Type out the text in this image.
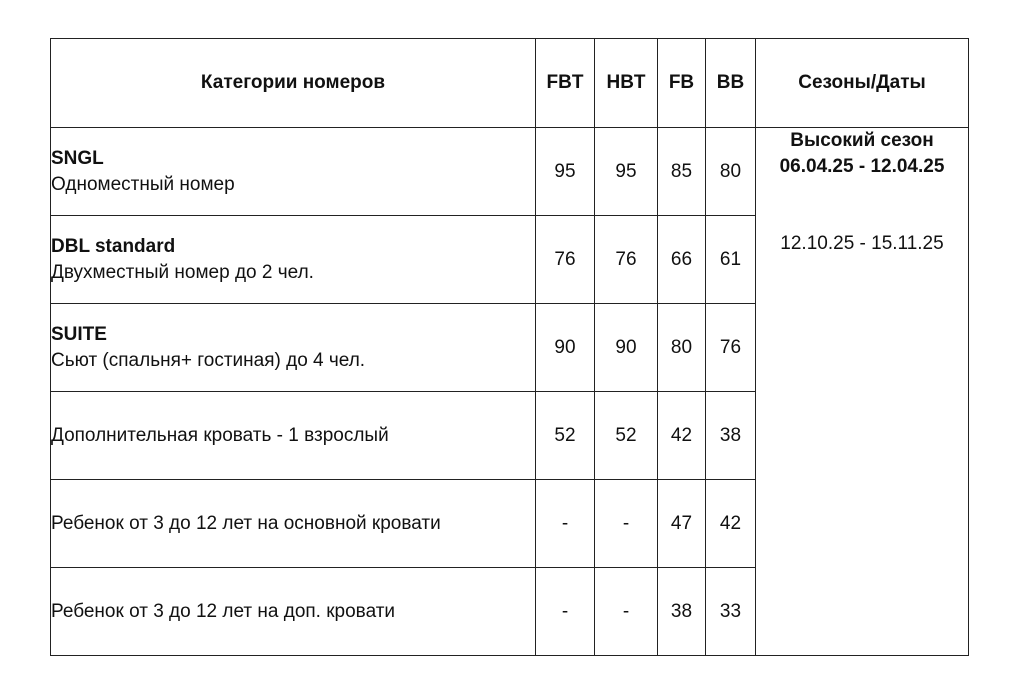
Категории номеров	FBT	HBT	FB	BB	Сезоны/Даты

SNGL
Одноместный номер	95	95	85	80	Высокий сезон
06.04.25 - 12.04.25
12.10.25 - 15.11.25

DBL standard
Двухместный номер до 2 чел.	76	76	66	61	

SUITE
Сьют (спальня+ гостиная) до 4 чел.	90	90	80	76	

Дополнительная кровать - 1 взрослый	52	52	42	38	

Ребенок от 3 до 12 лет на основной кровати	-	-	47	42	

Ребенок от 3 до 12 лет на доп. кровати	-	-	38	33	
